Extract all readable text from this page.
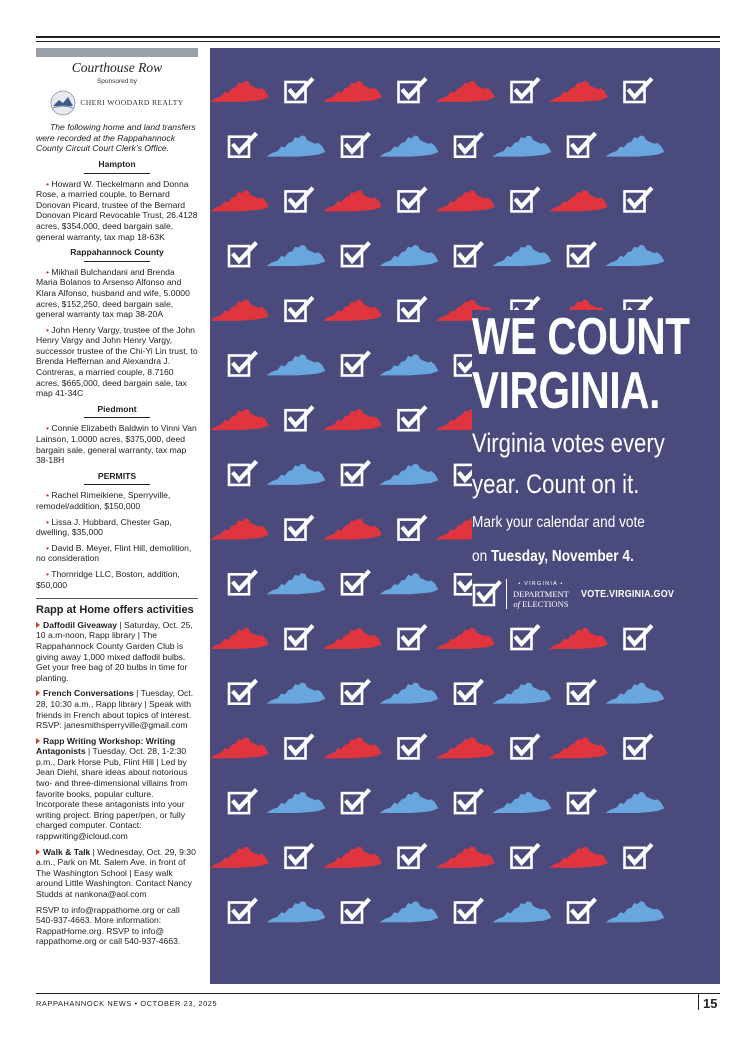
Courthouse Row
Sponsored by
CHERI WOODARD REALTY
The following home and land transfers were recorded at the Rappahannock County Circuit Court Clerk’s Office.
Hampton
• Howard W. Tieckelmann and Donna Rose, a married couple, to Bernard Donovan Picard, trustee of the Bernard Donovan Picard Revocable Trust, 26.4128 acres, $354,000, deed bargain sale, general warranty, tax map 18-63K
Rappahannock County
• Mikhail Bulchandani and Brenda Maria Bolanos to Arsenso Alfonso and Klara Alfonso, husband and wife, 5.0000 acres, $152,250, deed bargain sale, general warranty tax map 38-20A
• John Henry Vargy, trustee of the John Henry Vargy and John Henry Vargy, successor trustee of the Chi-Yi Lin trust, to Brenda Heffernan and Alexandra J. Contreras, a married couple, 8.7160 acres, $665,000, deed bargain sale, tax map 41-34C
Piedmont
• Connie Elizabeth Baldwin to Vinni Van Lainson, 1.0000 acres, $375,000, deed bargain sale, general warranty, tax map 38-18H
PERMITS
• Rachel Rimeikiene, Sperryville, remodel/addition, $150,000
• Lissa J. Hubbard, Chester Gap, dwelling, $35,000
• David B. Meyer, Flint Hill, demolition, no consideration
• Thornridge LLC, Boston, addition, $50,000
Rapp at Home offers activities
Daffodil Giveaway | Saturday, Oct. 25, 10 a.m-noon, Rapp library | The Rappahannock County Garden Club is giving away 1,000 mixed daffodil bulbs. Get your free bag of 20 bulbs in time for planting.
French Conversations | Tuesday, Oct. 28, 10:30 a.m., Rapp library | Speak with friends in French about topics of interest. RSVP: janesmithsperryville@gmail.com
Rapp Writing Workshop: Writing Antagonists | Tuesday, Oct. 28, 1-2:30 p.m., Dark Horse Pub, Flint Hill | Led by Jean Diehl, share ideas about notorious two- and three-dimensional villains from favorite books, popular culture. Incorporate these antagonists into your writing project. Bring paper/pen, or fully charged computer. Contact: rappwriting@icloud.com
Walk & Talk | Wednesday, Oct. 29, 9:30 a.m., Park on Mt. Salem Ave. in front of The Washington School | Easy walk around Little Washington. Contact Nancy Studds at nankona@aol.com
RSVP to info@rappathome.org or call 540-937-4663. More information: RappatHome.org. RSVP to info@ rappathome.org or call 540-937-4663.
WE COUNT
VIRGINIA.
Virginia votes every
year. Count on it.
Mark your calendar and vote
on Tuesday, November 4.
• VIRGINIA •
DEPARTMENT
of ELECTIONS
VOTE.VIRGINIA.GOV
RAPPAHANNOCK NEWS • OCTOBER 23, 2025	15
